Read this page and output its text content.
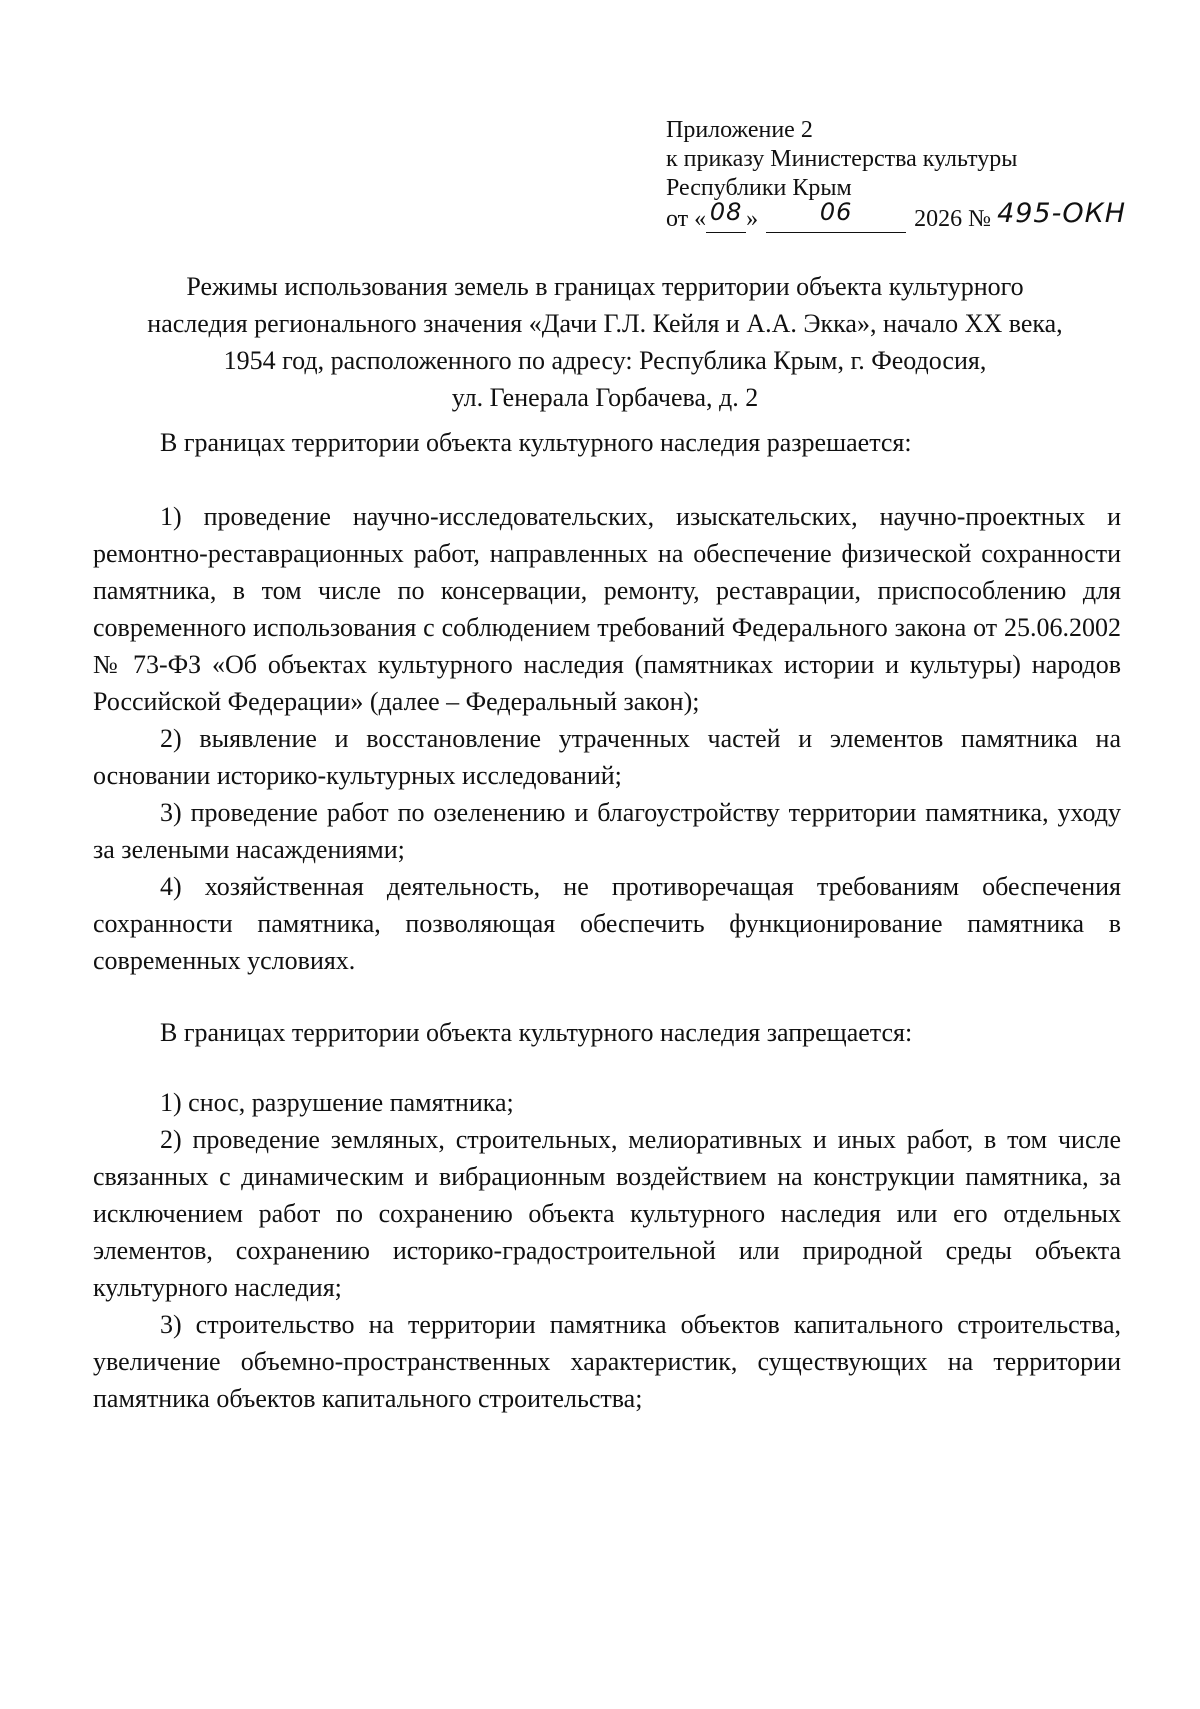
Приложение 2
к приказу Министерства культуры
Республики Крым
от « 08 »	06	2026 № 495-ОКН
Режимы использования земель в границах территории объекта культурного
наследия регионального значения «Дачи Г.Л. Кейля и А.А. Экка», начало XX века,
1954 год, расположенного по адресу: Республика Крым, г. Феодосия,
ул. Генерала Горбачева, д. 2
В границах территории объекта культурного наследия разрешается:

1) проведение научно-исследовательских, изыскательских, научно-проектных и ремонтно-реставрационных работ, направленных на обеспечение физической сохранности памятника, в том числе по консервации, ремонту, реставрации, приспособлению для современного использования с соблюдением требований Федерального закона от 25.06.2002 № 73-ФЗ «Об объектах культурного наследия (памятниках истории и культуры) народов Российской Федерации» (далее – Федеральный закон);

2) выявление и восстановление утраченных частей и элементов памятника на основании историко-культурных исследований;

3) проведение работ по озеленению и благоустройству территории памятника, уходу за зелеными насаждениями;

4) хозяйственная деятельность, не противоречащая требованиям обеспечения сохранности памятника, позволяющая обеспечить функционирование памятника в современных условиях.

В границах территории объекта культурного наследия запрещается:

1) снос, разрушение памятника;

2) проведение земляных, строительных, мелиоративных и иных работ, в том числе связанных с динамическим и вибрационным воздействием на конструкции памятника, за исключением работ по сохранению объекта культурного наследия или его отдельных элементов, сохранению историко-градостроительной или природной среды объекта культурного наследия;

3) строительство на территории памятника объектов капитального строительства, увеличение объемно-пространственных характеристик, существующих на территории памятника объектов капитального строительства;
